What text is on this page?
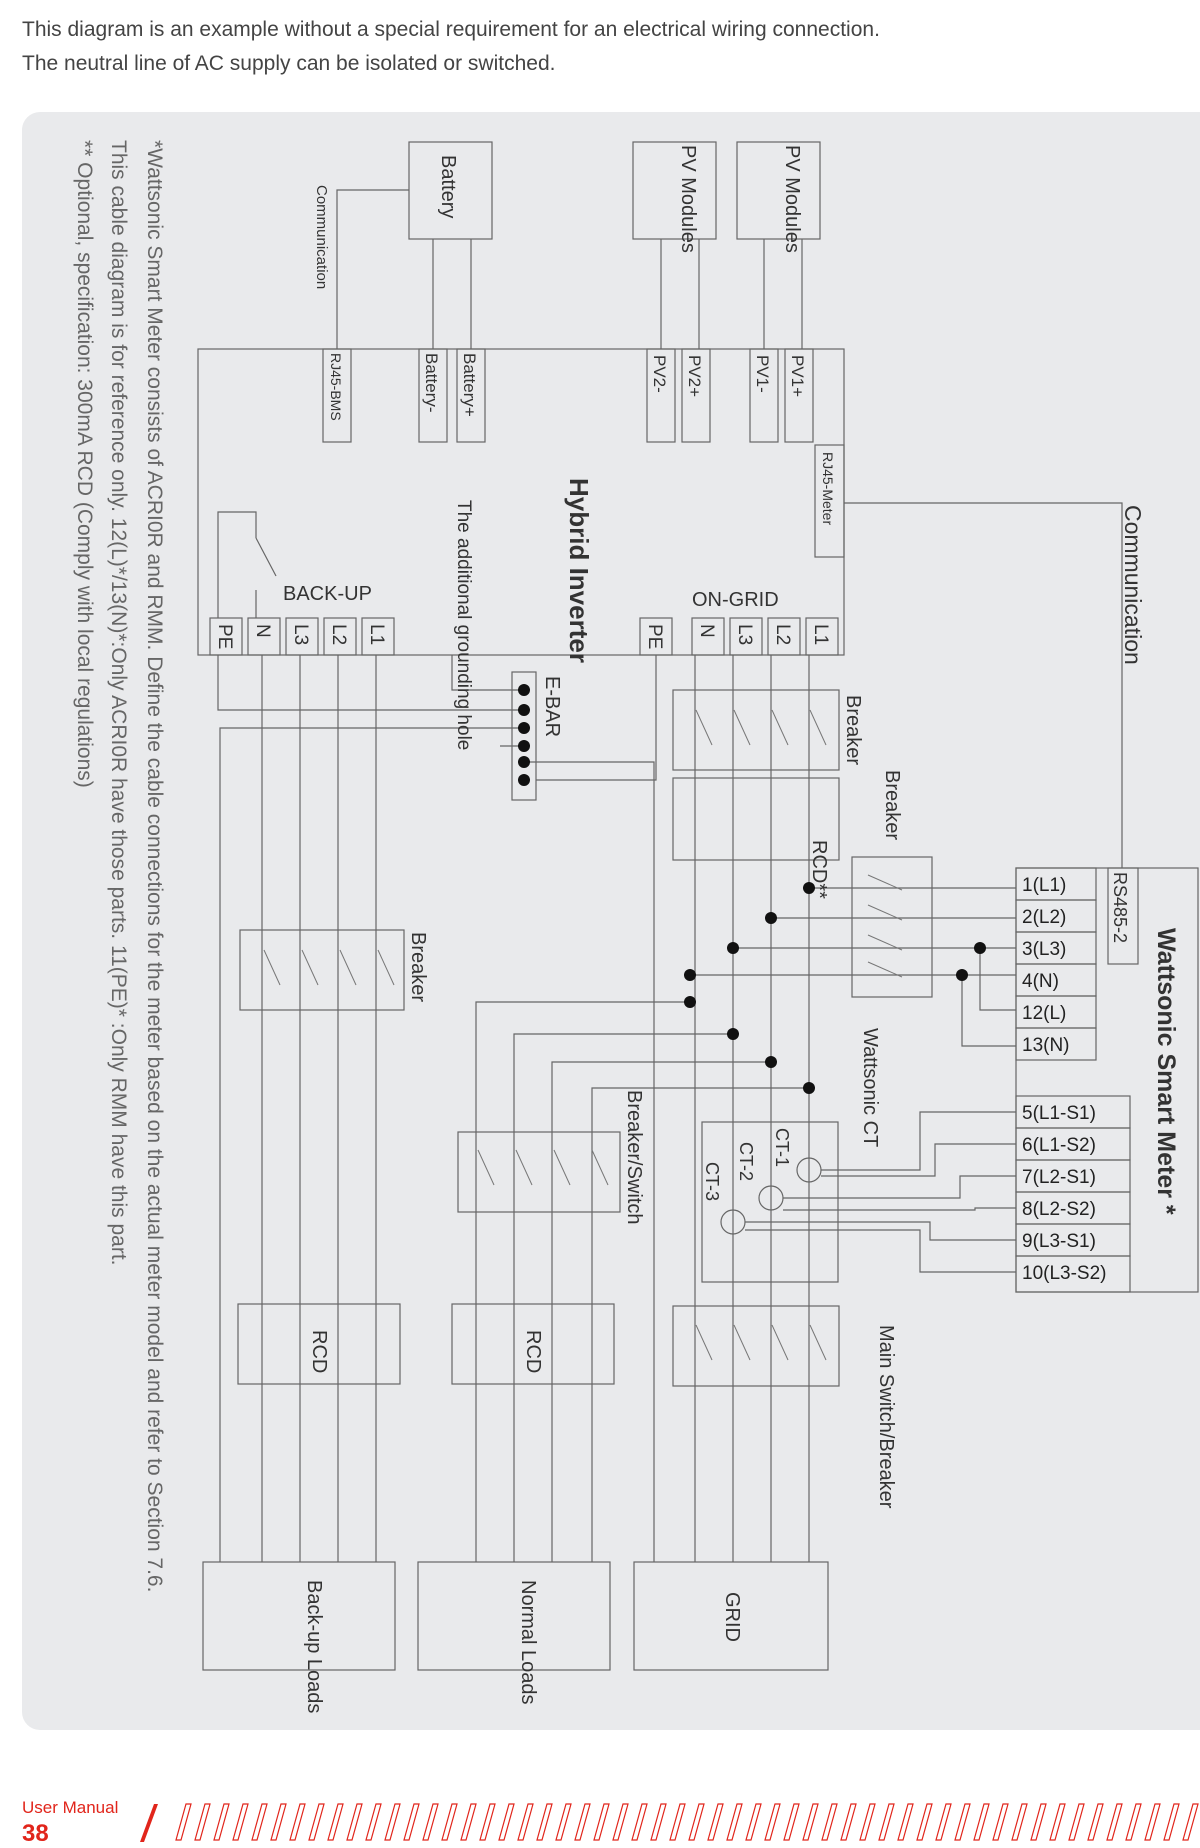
This diagram is an example without a special requirement for an electrical wiring connection.
The neutral line of AC supply can be isolated or switched.
PV Modules
PV Modules
Battery
Communication
Communication
Hybrid Inverter
The additional grounding hole
PV1+
PV1-
PV2+
PV2-
Battery+
Battery-
RJ45-BMS
RJ45-Meter
RCD**
Breaker
Breaker
Breaker
Breaker/Switch
Wattsonic CT
CT-1
CT-2
CT-3
RCD	RCD	Main Switch/Breaker
GRID
Normal Loads
Back-up Loads
Wattsonic Smart Meter *
RS485-2
*Wattsonic Smart Meter consists of ACRI0R and RMM. Define the cable connections for the meter based on the actual meter model and refer to Section 7.6.
This cable diagram is for reference only. 12(L)*/13(N)*:Only ACRI0R have those parts. 11(PE)* :Only RMM have this part.
** Optional, specification: 300mA RCD (Comply with local regulations)	ON-GRID
BACK-UP
E-BAR
L1
L2
L3
N
PE
L1
L2
L3
N
PE
1(L1)
2(L2)
3(L3)
4(N)
12(L)
13(N)
5(L1-S1)
6(L1-S2)
7(L2-S1)
8(L2-S2)
9(L3-S1)
10(L3-S2)
User Manual
38
